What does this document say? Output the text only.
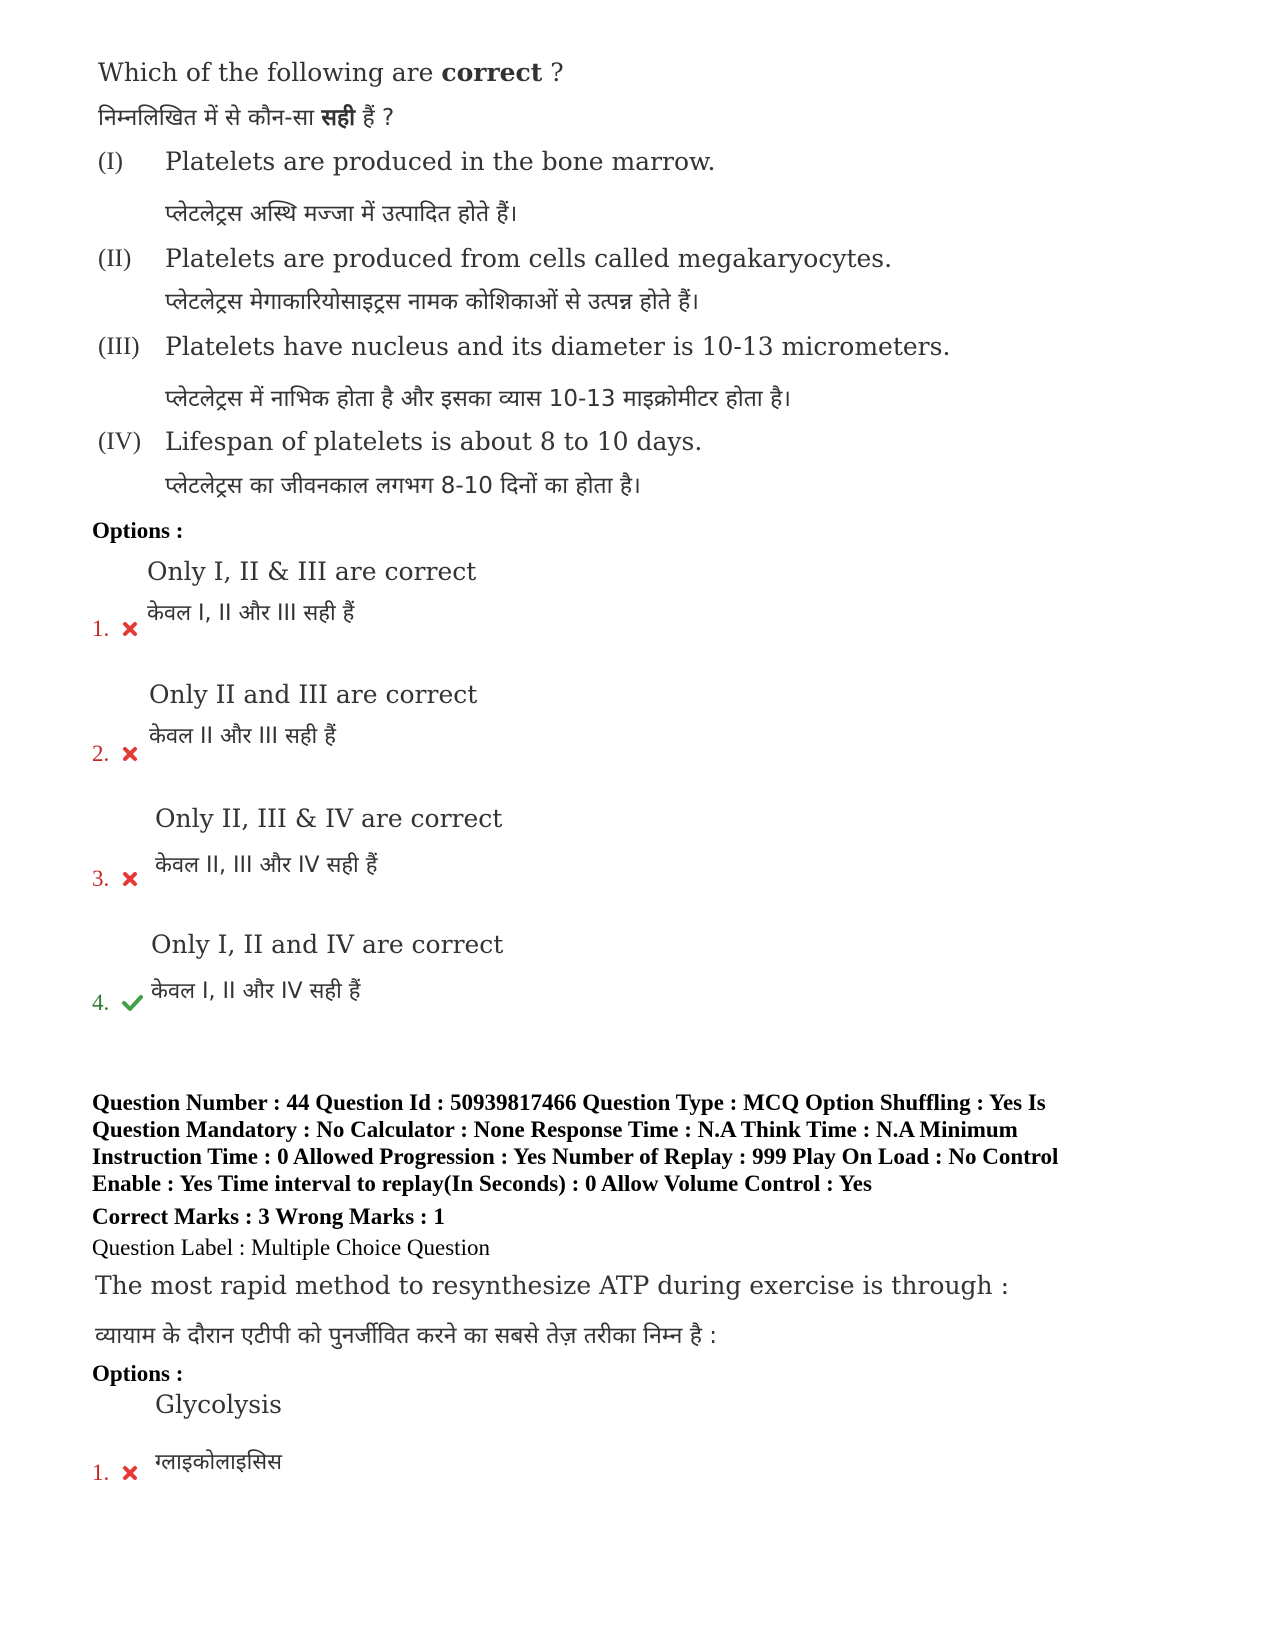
Which of the following are correct ?
निम्नलिखित में से कौन-सा सही हैं ?
(I) Platelets are produced in the bone marrow.
प्लेटलेट्रस अस्थि मज्जा में उत्पादित होते हैं।
(II) Platelets are produced from cells called megakaryocytes.
प्लेटलेट्रस मेगाकारियोसाइट्रस नामक कोशिकाओं से उत्पन्न होते हैं।
(III) Platelets have nucleus and its diameter is 10-13 micrometers.
प्लेटलेट्रस में नाभिक होता है और इसका व्यास 10-13 माइक्रोमीटर होता है।
(IV) Lifespan of platelets is about 8 to 10 days.
प्लेटलेट्रस का जीवनकाल लगभग 8-10 दिनों का होता है।
Options :
Only I, II & III are correct
केवल I, II और III सही हैं
1.
Only II and III are correct
केवल II और III सही हैं
2.
Only II, III & IV are correct
केवल II, III और IV सही हैं
3.
Only I, II and IV are correct
केवल I, II और IV सही हैं
4.
Question Number : 44 Question Id : 50939817466 Question Type : MCQ Option Shuffling : Yes Is
Question Mandatory : No Calculator : None Response Time : N.A Think Time : N.A Minimum
Instruction Time : 0 Allowed Progression : Yes Number of Replay : 999 Play On Load : No Control
Enable : Yes Time interval to replay(In Seconds) : 0 Allow Volume Control : Yes
Correct Marks : 3 Wrong Marks : 1
Question Label : Multiple Choice Question
The most rapid method to resynthesize ATP during exercise is through :
व्यायाम के दौरान एटीपी को पुनर्जीवित करने का सबसे तेज़ तरीका निम्न है :
Options :
Glycolysis
ग्लाइकोलाइसिस
1.
